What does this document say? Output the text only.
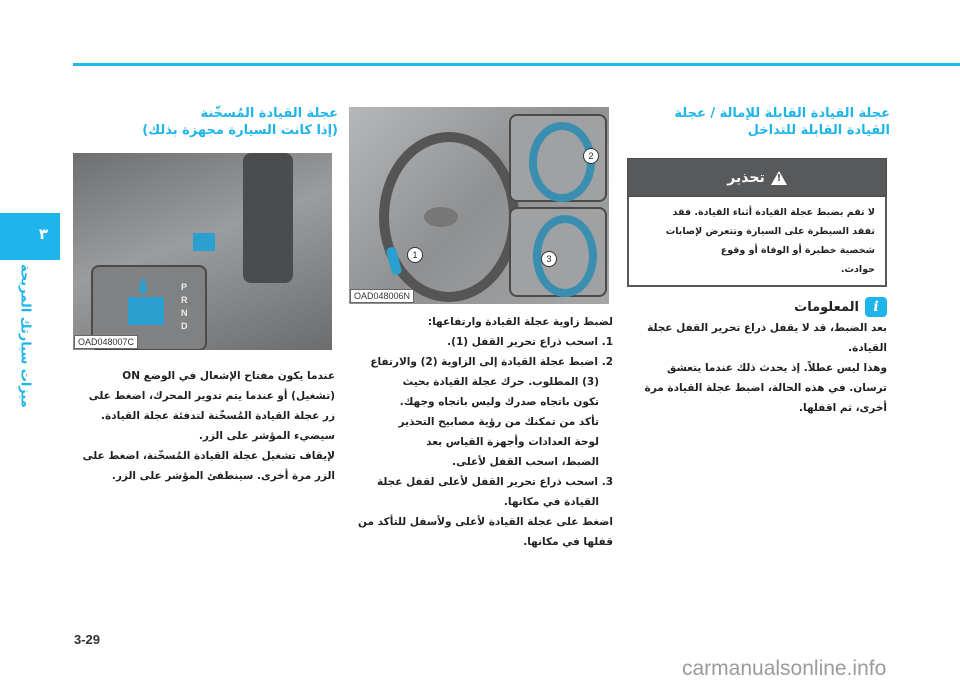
٣
ميزات سيارتك المريحة
عجلة القيادة القابلة للإمالة / عجلة
القيادة القابلة للتداخل
!
تحذير
لا تقم بضبط عجلة القيادة أثناء القيادة. فقد
تفقد السيطرة على السيارة وتتعرض لإصابات
شخصية خطيرة أو الوفاة أو وقوع
حوادث.
i
المعلومات

بعد الضبط، قد لا يقفل ذراع تحرير القفل عجلة

القيادة.

وهذا ليس عطلاً. إذ يحدث ذلك عندما يتعشق

ترسان. في هذه الحالة، اضبط عجلة القيادة مرة

أخرى، ثم اقفلها.

1
2
3
OAD048006N

لضبط زاوية عجلة القيادة وارتفاعها:

1. اسحب ذراع تحرير القفل (1).

2. اضبط عجلة القيادة إلى الزاوية (2) والارتفاع

(3) المطلوب. حرك عجلة القيادة بحيث

تكون باتجاه صدرك وليس باتجاه وجهك.

تأكد من تمكنك من رؤية مصابيح التحذير

لوحة العدادات وأجهزة القياس بعد

الضبط، اسحب القفل لأعلى.

3. اسحب ذراع تحرير القفل لأعلى لقفل عجلة

القيادة في مكانها.

اضغط على عجلة القيادة لأعلى ولأسفل للتأكد من

قفلها في مكانها.

عجلة القيادة المُسخّنة
(إذا كانت السيارة مجهزة بذلك)
P
R
N
D
OAD048007C

عندما يكون مفتاح الإشعال في الوضع ON

(تشغيل) أو عندما يتم تدوير المحرك، اضغط على

زر عجلة القيادة المُسخّنة لتدفئة عجلة القيادة.

سيضيء المؤشر على الزر.

لإيقاف تشغيل عجلة القيادة المُسخّنة، اضغط على

الزر مرة أخرى. سينطفئ المؤشر على الزر.

3-29
carmanualsonline.info
